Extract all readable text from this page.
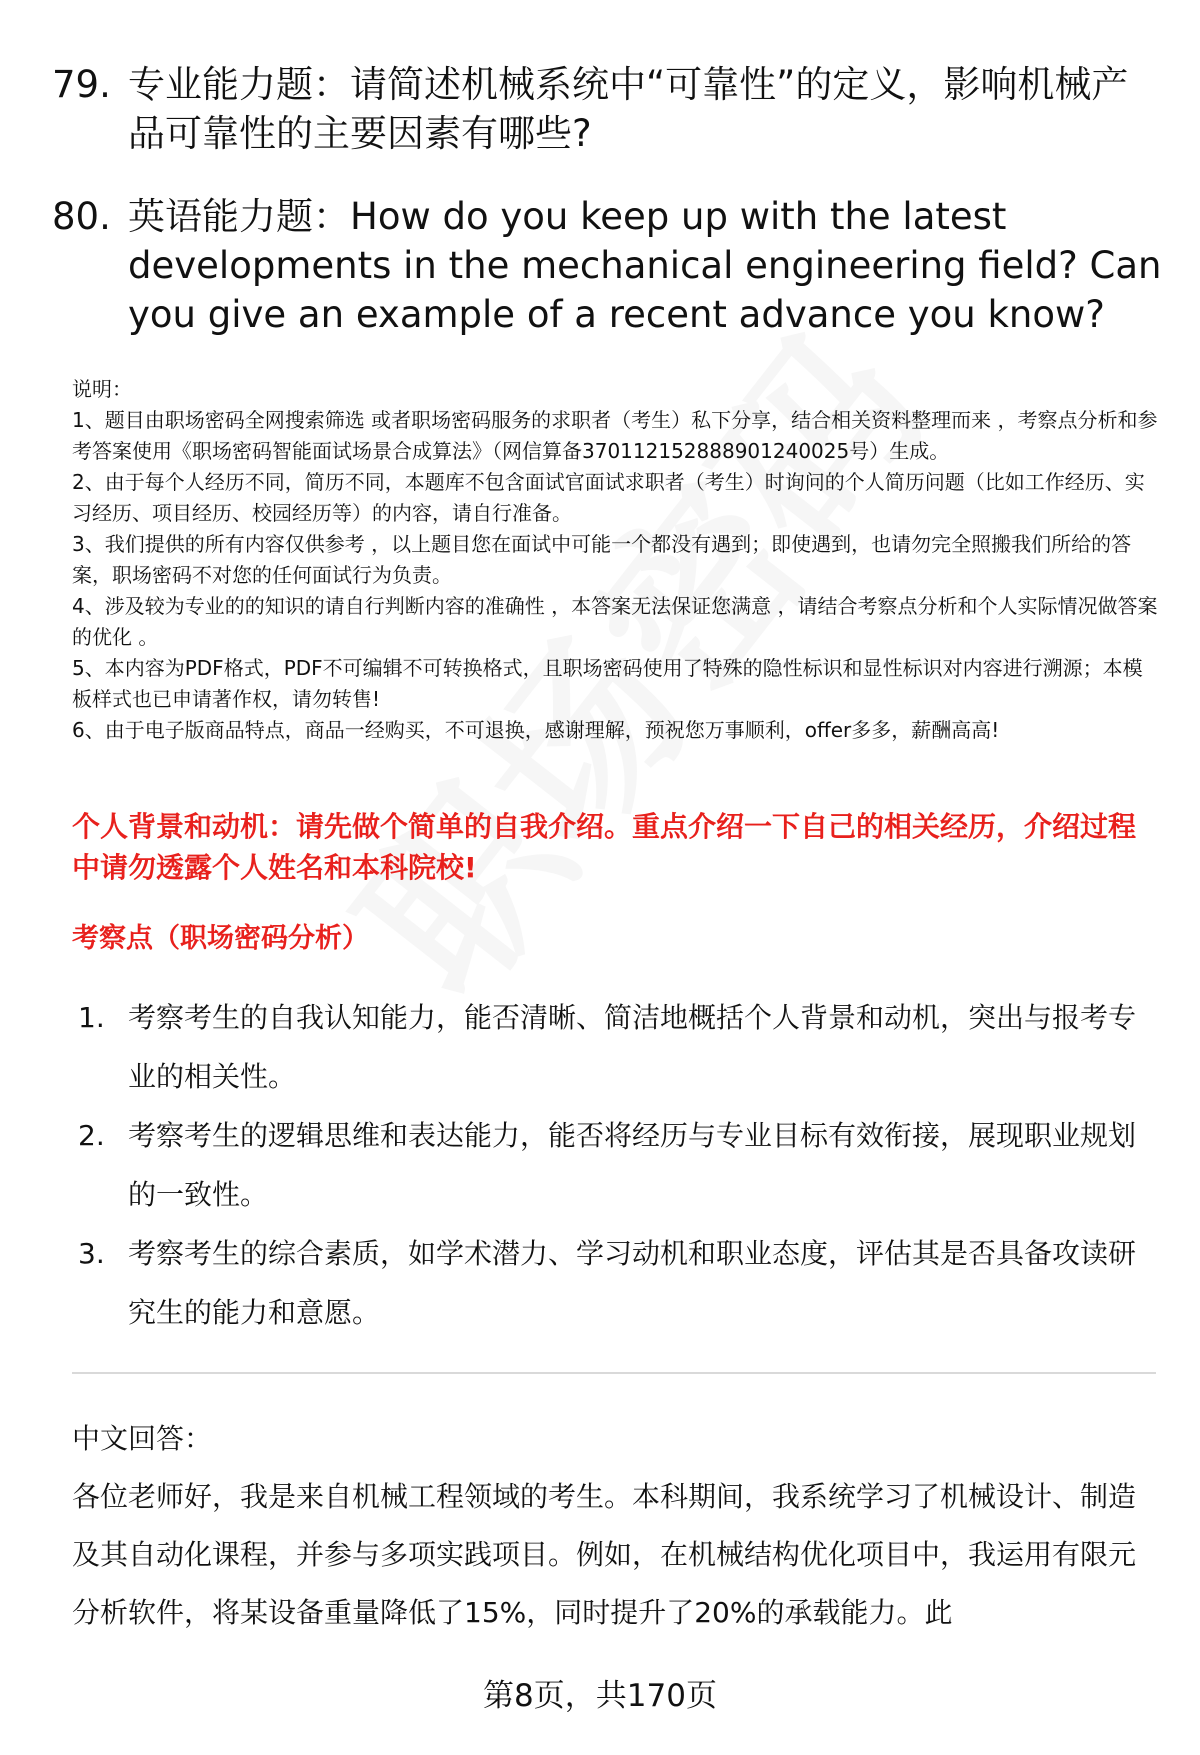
79. 专业能力题：请简述机械系统中“可靠性”的定义，影响机械产品可靠性的主要因素有哪些?
80. 英语能力题：How do you keep up with the latest developments in the mechanical engineering field? Can you give an example of a recent advance you know?

说明：

1、题目由职场密码全网搜索筛选 或者职场密码服务的求职者（考生）私下分享，结合相关资料整理而来 ，考察点分析和参考答案使用《职场密码智能面试场景合成算法》（网信算备370112152888901240025号）生成。

2、由于每个人经历不同，简历不同，本题库不包含面试官面试求职者（考生）时询问的个人简历问题（比如工作经历、实习经历、项目经历、校园经历等）的内容，请自行准备。

3、我们提供的所有内容仅供参考 ，以上题目您在面试中可能一个都没有遇到；即使遇到，也请勿完全照搬我们所给的答案，职场密码不对您的任何面试行为负责。

4、涉及较为专业的的知识的请自行判断内容的准确性 ，本答案无法保证您满意 ，请结合考察点分析和个人实际情况做答案的优化 。

5、本内容为PDF格式，PDF不可编辑不可转换格式，且职场密码使用了特殊的隐性标识和显性标识对内容进行溯源；本模板样式也已申请著作权，请勿转售!

6、由于电子版商品特点，商品一经购买，不可退换，感谢理解，预祝您万事顺利，offer多多，薪酬高高!

个人背景和动机：请先做个简单的自我介绍。重点介绍一下自己的相关经历，介绍过程中请勿透露个人姓名和本科院校!
考察点（职场密码分析）
1. 考察考生的自我认知能力，能否清晰、简洁地概括个人背景和动机，突出与报考专业的相关性。
2. 考察考生的逻辑思维和表达能力，能否将经历与专业目标有效衔接，展现职业规划的一致性。
3. 考察考生的综合素质，如学术潜力、学习动机和职业态度，评估其是否具备攻读研究生的能力和意愿。

中文回答：

各位老师好，我是来自机械工程领域的考生。本科期间，我系统学习了机械设计、制造及其自动化课程，并参与多项实践项目。例如，在机械结构优化项目中，我运用有限元分析软件，将某设备重量降低了15%，同时提升了20%的承载能力。此

第8页，共170页
